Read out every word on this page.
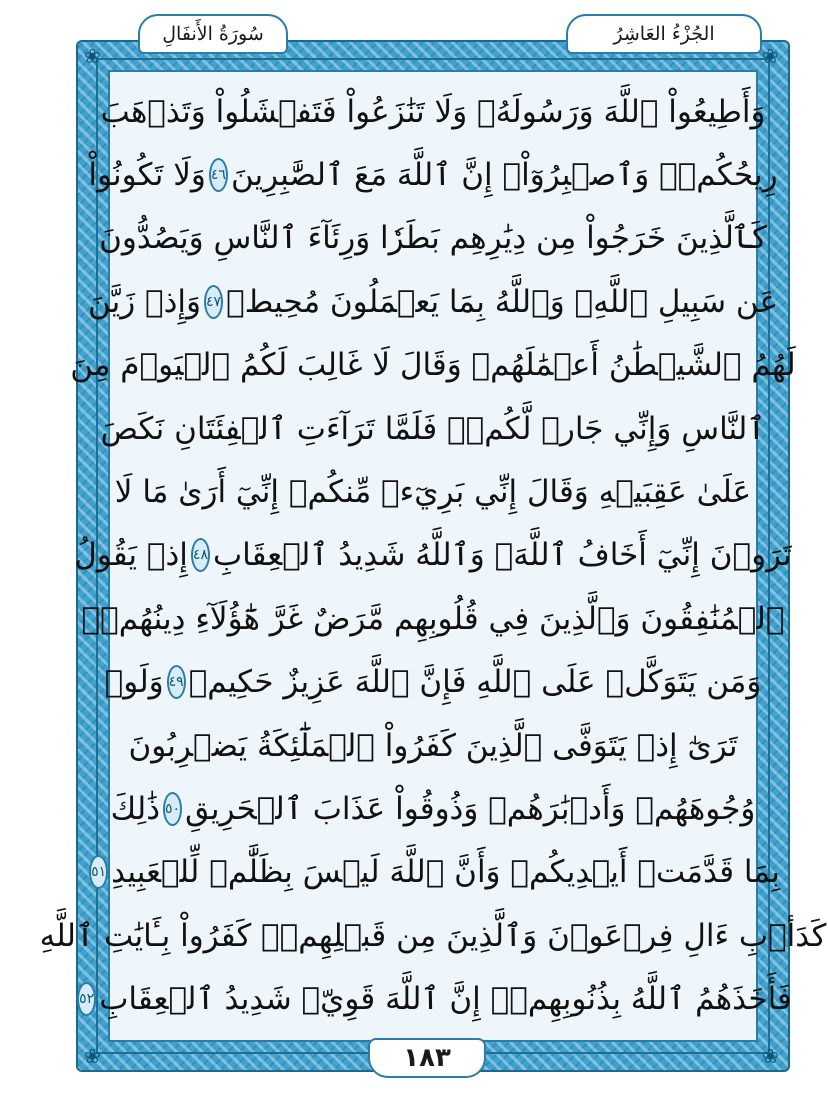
❀	❀
❀	❀
الجُزْءُ العَاشِرُ
سُورَةُ الأَنفَالِ
وَأَطِيعُواْ ٱللَّهَ وَرَسُولَهُۥ وَلَا تَنَٰزَعُواْ فَتَفۡشَلُواْ وَتَذۡهَبَ
رِيحُكُمۡۖ وَٱصۡبِرُوٓاْۚ إِنَّ ٱللَّهَ مَعَ ٱلصَّٰبِرِينَ
٤٦
وَلَا تَكُونُواْ
كَٱلَّذِينَ خَرَجُواْ مِن دِيَٰرِهِم بَطَرٗا وَرِئَآءَ ٱلنَّاسِ وَيَصُدُّونَ
عَن سَبِيلِ ٱللَّهِۚ وَٱللَّهُ بِمَا يَعۡمَلُونَ مُحِيطٞ
٤٧
وَإِذۡ زَيَّنَ
لَهُمُ ٱلشَّيۡطَٰنُ أَعۡمَٰلَهُمۡ وَقَالَ لَا غَالِبَ لَكُمُ ٱلۡيَوۡمَ مِنَ
ٱلنَّاسِ وَإِنِّي جَارٞ لَّكُمۡۖ فَلَمَّا تَرَآءَتِ ٱلۡفِئَتَانِ نَكَصَ
عَلَىٰ عَقِبَيۡهِ وَقَالَ إِنِّي بَرِيٓءٞ مِّنكُمۡ إِنِّيٓ أَرَىٰ مَا لَا
تَرَوۡنَ إِنِّيٓ أَخَافُ ٱللَّهَۚ وَٱللَّهُ شَدِيدُ ٱلۡعِقَابِ
٤٨
إِذۡ يَقُولُ
ٱلۡمُنَٰفِقُونَ وَٱلَّذِينَ فِي قُلُوبِهِم مَّرَضٌ غَرَّ هَٰٓؤُلَآءِ دِينُهُمۡۗ
وَمَن يَتَوَكَّلۡ عَلَى ٱللَّهِ فَإِنَّ ٱللَّهَ عَزِيزٌ حَكِيمٞ
٤٩
وَلَوۡ
تَرَىٰٓ إِذۡ يَتَوَفَّى ٱلَّذِينَ كَفَرُواْ ٱلۡمَلَٰٓئِكَةُ يَضۡرِبُونَ
وُجُوهَهُمۡ وَأَدۡبَٰرَهُمۡ وَذُوقُواْ عَذَابَ ٱلۡحَرِيقِ
٥٠
ذَٰلِكَ
بِمَا قَدَّمَتۡ أَيۡدِيكُمۡ وَأَنَّ ٱللَّهَ لَيۡسَ بِظَلَّٰمٖ لِّلۡعَبِيدِ
٥١
كَدَأۡبِ ءَالِ فِرۡعَوۡنَ وَٱلَّذِينَ مِن قَبۡلِهِمۡۚ كَفَرُواْ بِـَٔايَٰتِ ٱللَّهِ
فَأَخَذَهُمُ ٱللَّهُ بِذُنُوبِهِمۡۚ إِنَّ ٱللَّهَ قَوِيّٞ شَدِيدُ ٱلۡعِقَابِ
٥٢
١٨٣
